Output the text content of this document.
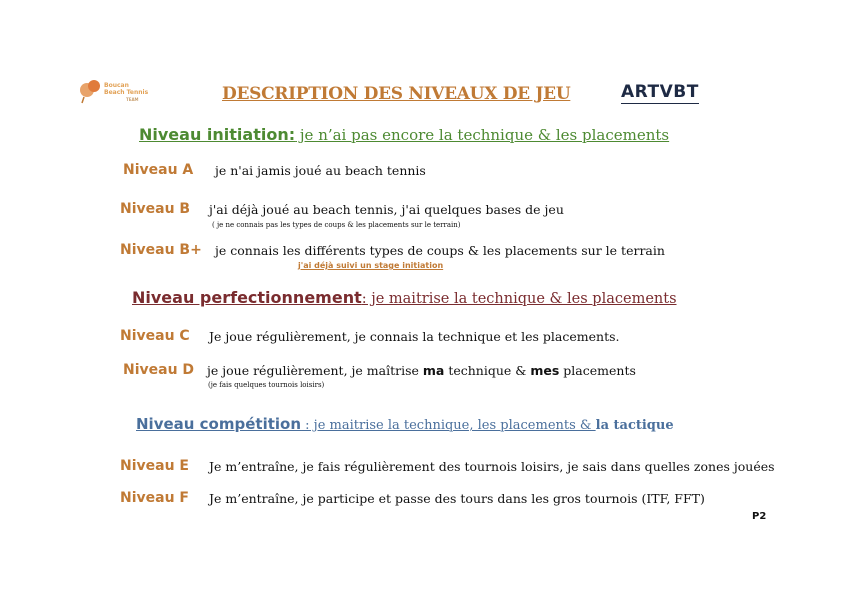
Boucan
Beach Tennis
TEAM	DESCRIPTION DES NIVEAUX DE JEU	ARTVBT
Niveau initiation: je n’ai pas encore la technique & les placements
Niveau A je n'ai jamis joué au beach tennis
Niveau B j'ai déjà joué au beach tennis, j'ai quelques bases de jeu
( je ne connais pas les types de coups & les placements sur le terrain)
Niveau B+ je connais les différents types de coups & les placements sur le terrain
j'ai déjà suivi un stage initiation
Niveau perfectionnement: je maitrise la technique & les placements
Niveau C Je joue régulièrement, je connais la technique et les placements.
Niveau D je joue régulièrement, je maîtrise ma technique & mes placements
(je fais quelques tournois loisirs)
Niveau compétition : je maitrise la technique, les placements & la tactique
Niveau E Je m’entraîne, je fais régulièrement des tournois loisirs, je sais dans quelles zones jouées
Niveau F Je m’entraîne, je participe et passe des tours dans les gros tournois (ITF, FFT)
P2
